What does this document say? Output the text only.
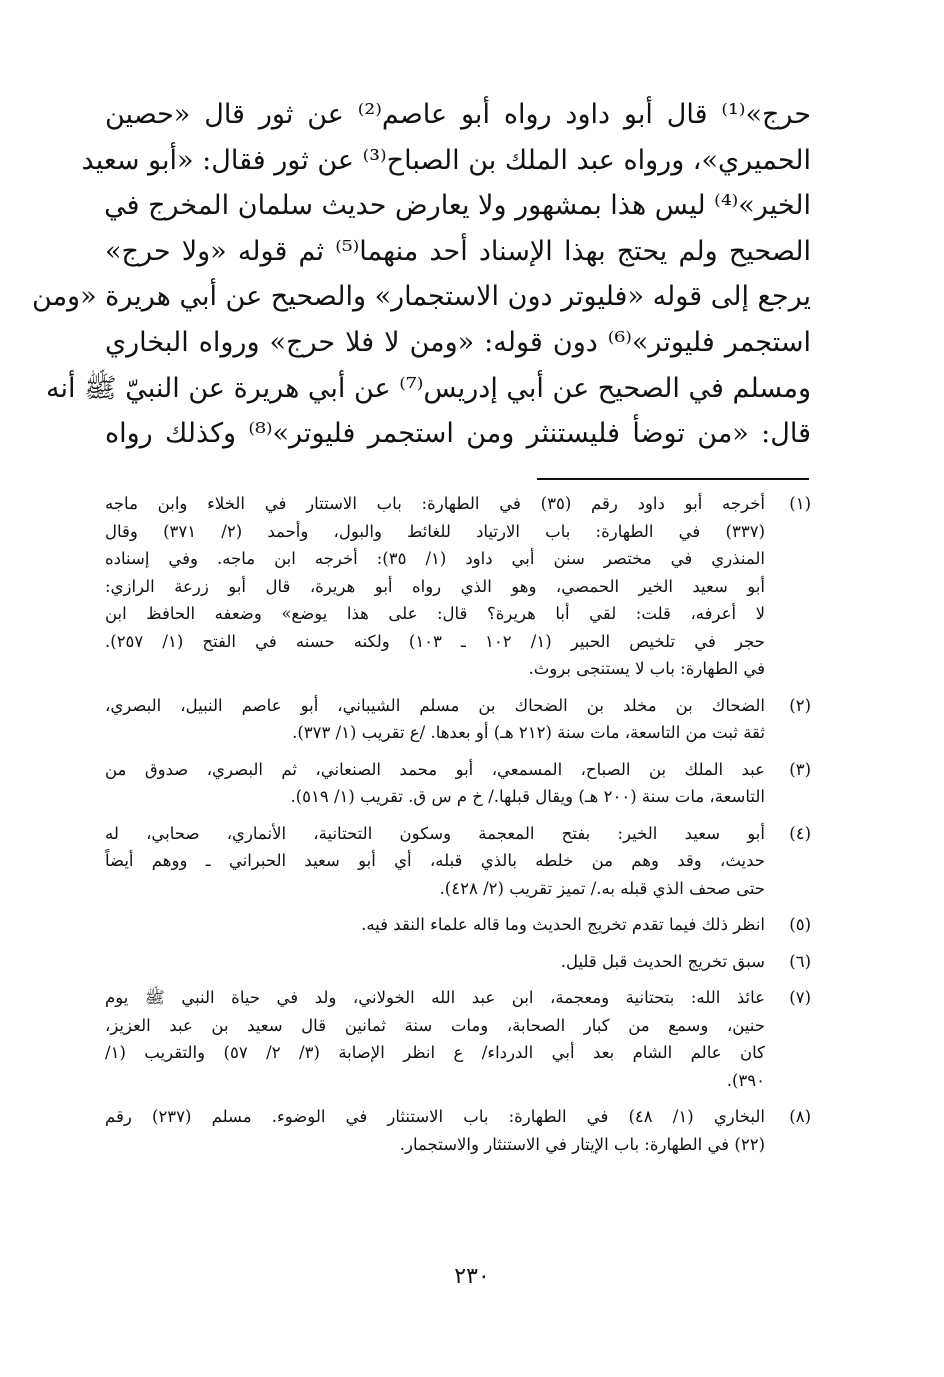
حرج»⁽¹⁾ قال أبو داود رواه أبو عاصم⁽²⁾ عن ثور قال «حصين
الحميري»، ورواه عبد الملك بن الصباح⁽³⁾ عن ثور فقال: «أبو سعيد
الخير»⁽⁴⁾ ليس هذا بمشهور ولا يعارض حديث سلمان المخرج في
الصحيح ولم يحتج بهذا الإسناد أحد منهما⁽⁵⁾ ثم قوله «ولا حرج»
يرجع إلى قوله «فليوتر دون الاستجمار» والصحيح عن أبي هريرة «ومن
استجمر فليوتر»⁽⁶⁾ دون قوله: «ومن لا فلا حرج» ورواه البخاري
ومسلم في الصحيح عن أبي إدريس⁽⁷⁾ عن أبي هريرة عن النبيّ ﷺ أنه
قال: «من توضأ فليستنثر ومن استجمر فليوتر»⁽⁸⁾ وكذلك رواه
(١)
أخرجه أبو داود رقم (٣٥) في الطهارة: باب الاستتار في الخلاء وابن ماجه
(٣٣٧) في الطهارة: باب الارتياد للغائط والبول، وأحمد (٢/ ٣٧١) وقال
المنذري في مختصر سنن أبي داود (١/ ٣٥): أخرجه ابن ماجه. وفي إسناده
أبو سعيد الخير الحمصي، وهو الذي رواه أبو هريرة، قال أبو زرعة الرازي:
لا أعرفه، قلت: لقي أبا هريرة؟ قال: على هذا يوضع» وضعفه الحافظ ابن
حجر في تلخيص الحبير (١/ ١٠٢ ـ ١٠٣) ولكنه حسنه في الفتح (١/ ٢٥٧).
في الطهارة: باب لا يستنجى بروث.
(٢)
الضحاك بن مخلد بن الضحاك بن مسلم الشيباني، أبو عاصم النبيل، البصري،
ثقة ثبت من التاسعة، مات سنة (٢١٢ هـ) أو بعدها. /ع تقريب (١/ ٣٧٣).
(٣)
عبد الملك بن الصباح، المسمعي، أبو محمد الصنعاني، ثم البصري، صدوق من
التاسعة، مات سنة (٢٠٠ هـ) ويقال قبلها./ خ م س ق. تقريب (١/ ٥١٩).
(٤)
أبو سعيد الخير: بفتح المعجمة وسكون التحتانية، الأنماري، صحابي، له
حديث، وقد وهم من خلطه بالذي قبله، أي أبو سعيد الحبراني ـ ووهم أيضاً
حتى صحف الذي قبله به./ تميز تقريب (٢/ ٤٢٨).
(٥)
انظر ذلك فيما تقدم تخريج الحديث وما قاله علماء النقد فيه.
(٦)
سبق تخريج الحديث قبل قليل.
(٧)
عائذ الله: بتحتانية ومعجمة، ابن عبد الله الخولاني، ولد في حياة النبي ﷺ يوم
حنين، وسمع من كبار الصحابة، ومات سنة ثمانين قال سعيد بن عبد العزيز،
كان عالم الشام بعد أبي الدرداء/ ع انظر الإصابة (٣/ ٢/ ٥٧) والتقريب (١/
٣٩٠).
(٨)
البخاري (١/ ٤٨) في الطهارة: باب الاستنثار في الوضوء. مسلم (٢٣٧) رقم
(٢٢) في الطهارة: باب الإيتار في الاستنثار والاستجمار.
٢٣٠
